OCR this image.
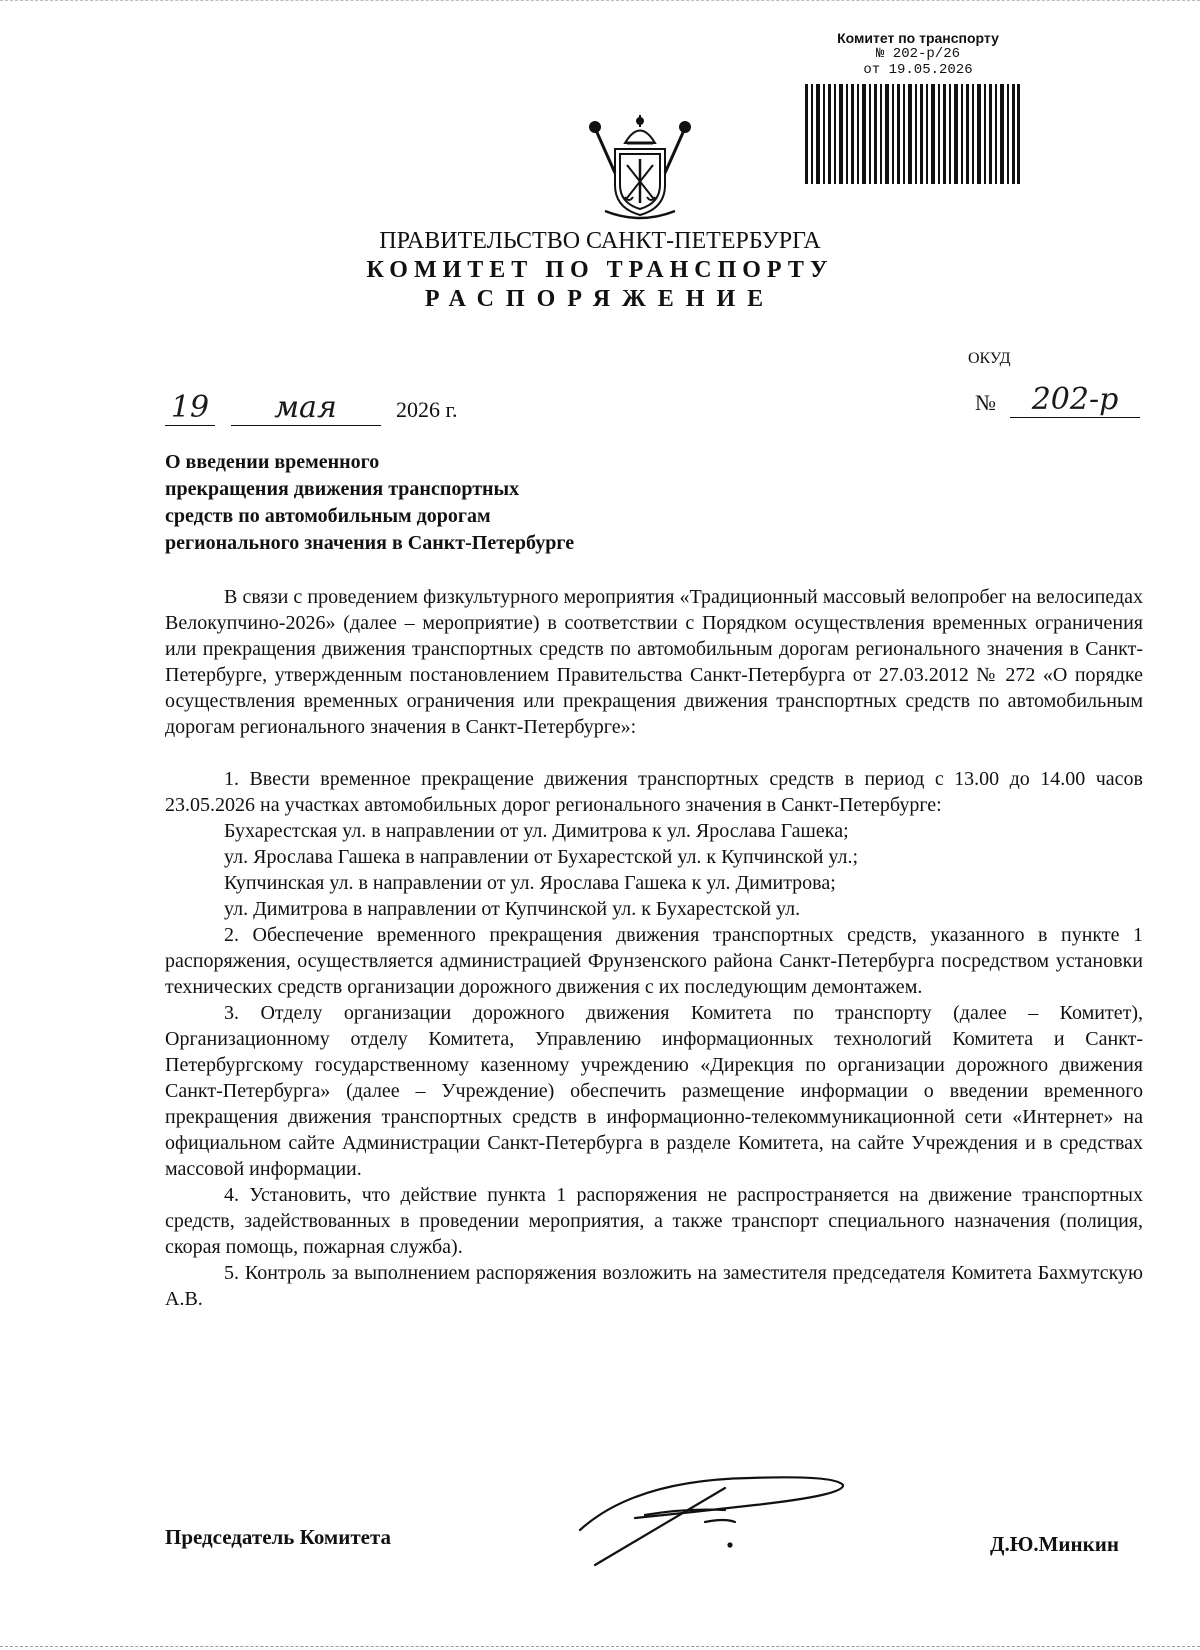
Комитет по транспорту
№ 202-р/26
от 19.05.2026
ПРАВИТЕЛЬСТВО САНКТ-ПЕТЕРБУРГА
КОМИТЕТ ПО ТРАНСПОРТУ
РАСПОРЯЖЕНИЕ
ОКУД
19 мая	2026 г.	№	202-р
О введении временного
прекращения движения транспортных
средств по автомобильным дорогам
регионального значения в Санкт-Петербурге

В связи с проведением физкультурного мероприятия «Традиционный массовый велопробег на велосипедах Велокупчино-2026» (далее – мероприятие) в соответствии с Порядком осуществления временных ограничения или прекращения движения транспортных средств по автомобильным дорогам регионального значения в Санкт-Петербурге, утвержденным постановлением Правительства Санкт-Петербурга от 27.03.2012 № 272 «О порядке осуществления временных ограничения или прекращения движения транспортных средств по автомобильным дорогам регионального значения в Санкт-Петербурге»:

1. Ввести временное прекращение движения транспортных средств в период с 13.00 до 14.00 часов 23.05.2026 на участках автомобильных дорог регионального значения в Санкт-Петербурге:

Бухарестская ул. в направлении от ул. Димитрова к ул. Ярослава Гашека;

ул. Ярослава Гашека в направлении от Бухарестской ул. к Купчинской ул.;

Купчинская ул. в направлении от ул. Ярослава Гашека к ул. Димитрова;

ул. Димитрова в направлении от Купчинской ул. к Бухарестской ул.

2. Обеспечение временного прекращения движения транспортных средств, указанного в пункте 1 распоряжения, осуществляется администрацией Фрунзенского района Санкт-Петербурга посредством установки технических средств организации дорожного движения с их последующим демонтажем.

3. Отделу организации дорожного движения Комитета по транспорту (далее – Комитет), Организационному отделу Комитета, Управлению информационных технологий Комитета и Санкт-Петербургскому государственному казенному учреждению «Дирекция по организации дорожного движения Санкт-Петербурга» (далее – Учреждение) обеспечить размещение информации о введении временного прекращения движения транспортных средств в информационно-телекоммуникационной сети «Интернет» на официальном сайте Администрации Санкт-Петербурга в разделе Комитета, на сайте Учреждения и в средствах массовой информации.

4. Установить, что действие пункта 1 распоряжения не распространяется на движение транспортных средств, задействованных в проведении мероприятия, а также транспорт специального назначения (полиция, скорая помощь, пожарная служба).

5. Контроль за выполнением распоряжения возложить на заместителя председателя Комитета Бахмутскую А.В.

Председатель Комитета	Д.Ю.Минкин
